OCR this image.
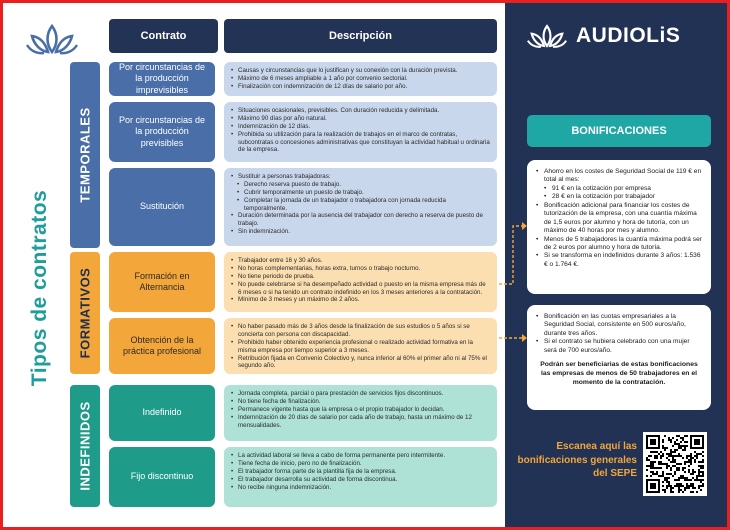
Contrato	Descripción
Tipos de contratos
TEMPORALES
FORMATIVOS
INDEFINIDOS
Por circunstancias de la producción imprevisibles
Por circunstancias de la producción previsibles
Sustitución
Formación en Alternancia
Obtención de la práctica profesional
Indefinido
Fijo discontinuo
• Causas y circunstancias que lo justifican y su conexión con la duración prevista.
• Máximo de 6 meses ampliable a 1 año por convenio sectorial.
• Finalización con indemnización de 12 días de salario por año.
• Situaciones ocasionales, previsibles. Con duración reducida y delimitada.
• Máximo 90 días por año natural.
• Indemnización de 12 días.
• Prohibida su utilización para la realización de trabajos en el marco de contratas, subcontratas o concesiones administrativas que constituyan la actividad habitual u ordinaria de la empresa.
• Sustituir a personas trabajadoras:
• Derecho reserva puesto de trabajo.
• Cubrir temporalmente un puesto de trabajo.
• Completar la jornada de un trabajador o trabajadora con jornada reducida temporalmente.
• Duración determinada por la ausencia del trabajador con derecho a reserva de puesto de trabajo.
• Sin indemnización.
• Trabajador entre 16 y 30 años.
• No horas complementarias, horas extra, turnos o trabajo nocturno.
• No tiene periodo de prueba.
• No puede celebrarse si ha desempeñado actividad o puesto en la misma empresa más de 6 meses o si ha tenido un contrato indefinido en los 3 meses anteriores a la contratación.
• Mínimo de 3 meses y un máximo de 2 años.
• No haber pasado más de 3 años desde la finalización de sus estudios o 5 años si se concierta con persona con discapacidad.
• Prohibido haber obtenido experiencia profesional o realizado actividad formativa en la misma empresa por tiempo superior a 3 meses.
• Retribución fijada en Convenio Colectivo y, nunca inferior al 60% el primer año ni al 75% el segundo año.
• Jornada completa, parcial o para prestación de servicios fijos discontinuos.
• No tiene fecha de finalización.
• Permanece vigente hasta que la empresa o el propio trabajador lo decidan.
• Indemnización de 20 días de salario por cada año de trabajo, hasta un máximo de 12 mensualidades.
• La actividad laboral se lleva a cabo de forma permanente pero intermitente.
• Tiene fecha de inicio, pero no de finalización.
• El trabajador forma parte de la plantilla fija de la empresa.
• El trabajador desarrolla su actividad de forma discontinua.
• No recibe ninguna indemnización.
AUDIOLiS
BONIFICACIONES
• Ahorro en los costes de Seguridad Social de 119 € en total al mes:
• 91 € en la cotización por empresa
• 28 € en la cotización por trabajador
• Bonificación adicional para financiar los costes de tutorización de la empresa, con una cuantía máxima de 1,5 euros por alumno y hora de tutoría, con un máximo de 40 horas por mes y alumno.
• Menos de 5 trabajadores la cuantía máxima podrá ser de 2 euros por alumno y hora de tutoría.
• Si se transforma en indefinidos durante 3 años: 1.536 € o 1.764 €.
• Bonificación en las cuotas empresariales a la Seguridad Social, consistente en 500 euros/año, durante tres años.
• Si el contrato se hubiera celebrado con una mujer será de 700 euros/año.
Podrán ser beneficiarias de estas bonificaciones las empresas de menos de 50 trabajadores en el momento de la contratación.
Escanea aquí las bonificaciones generales del SEPE
